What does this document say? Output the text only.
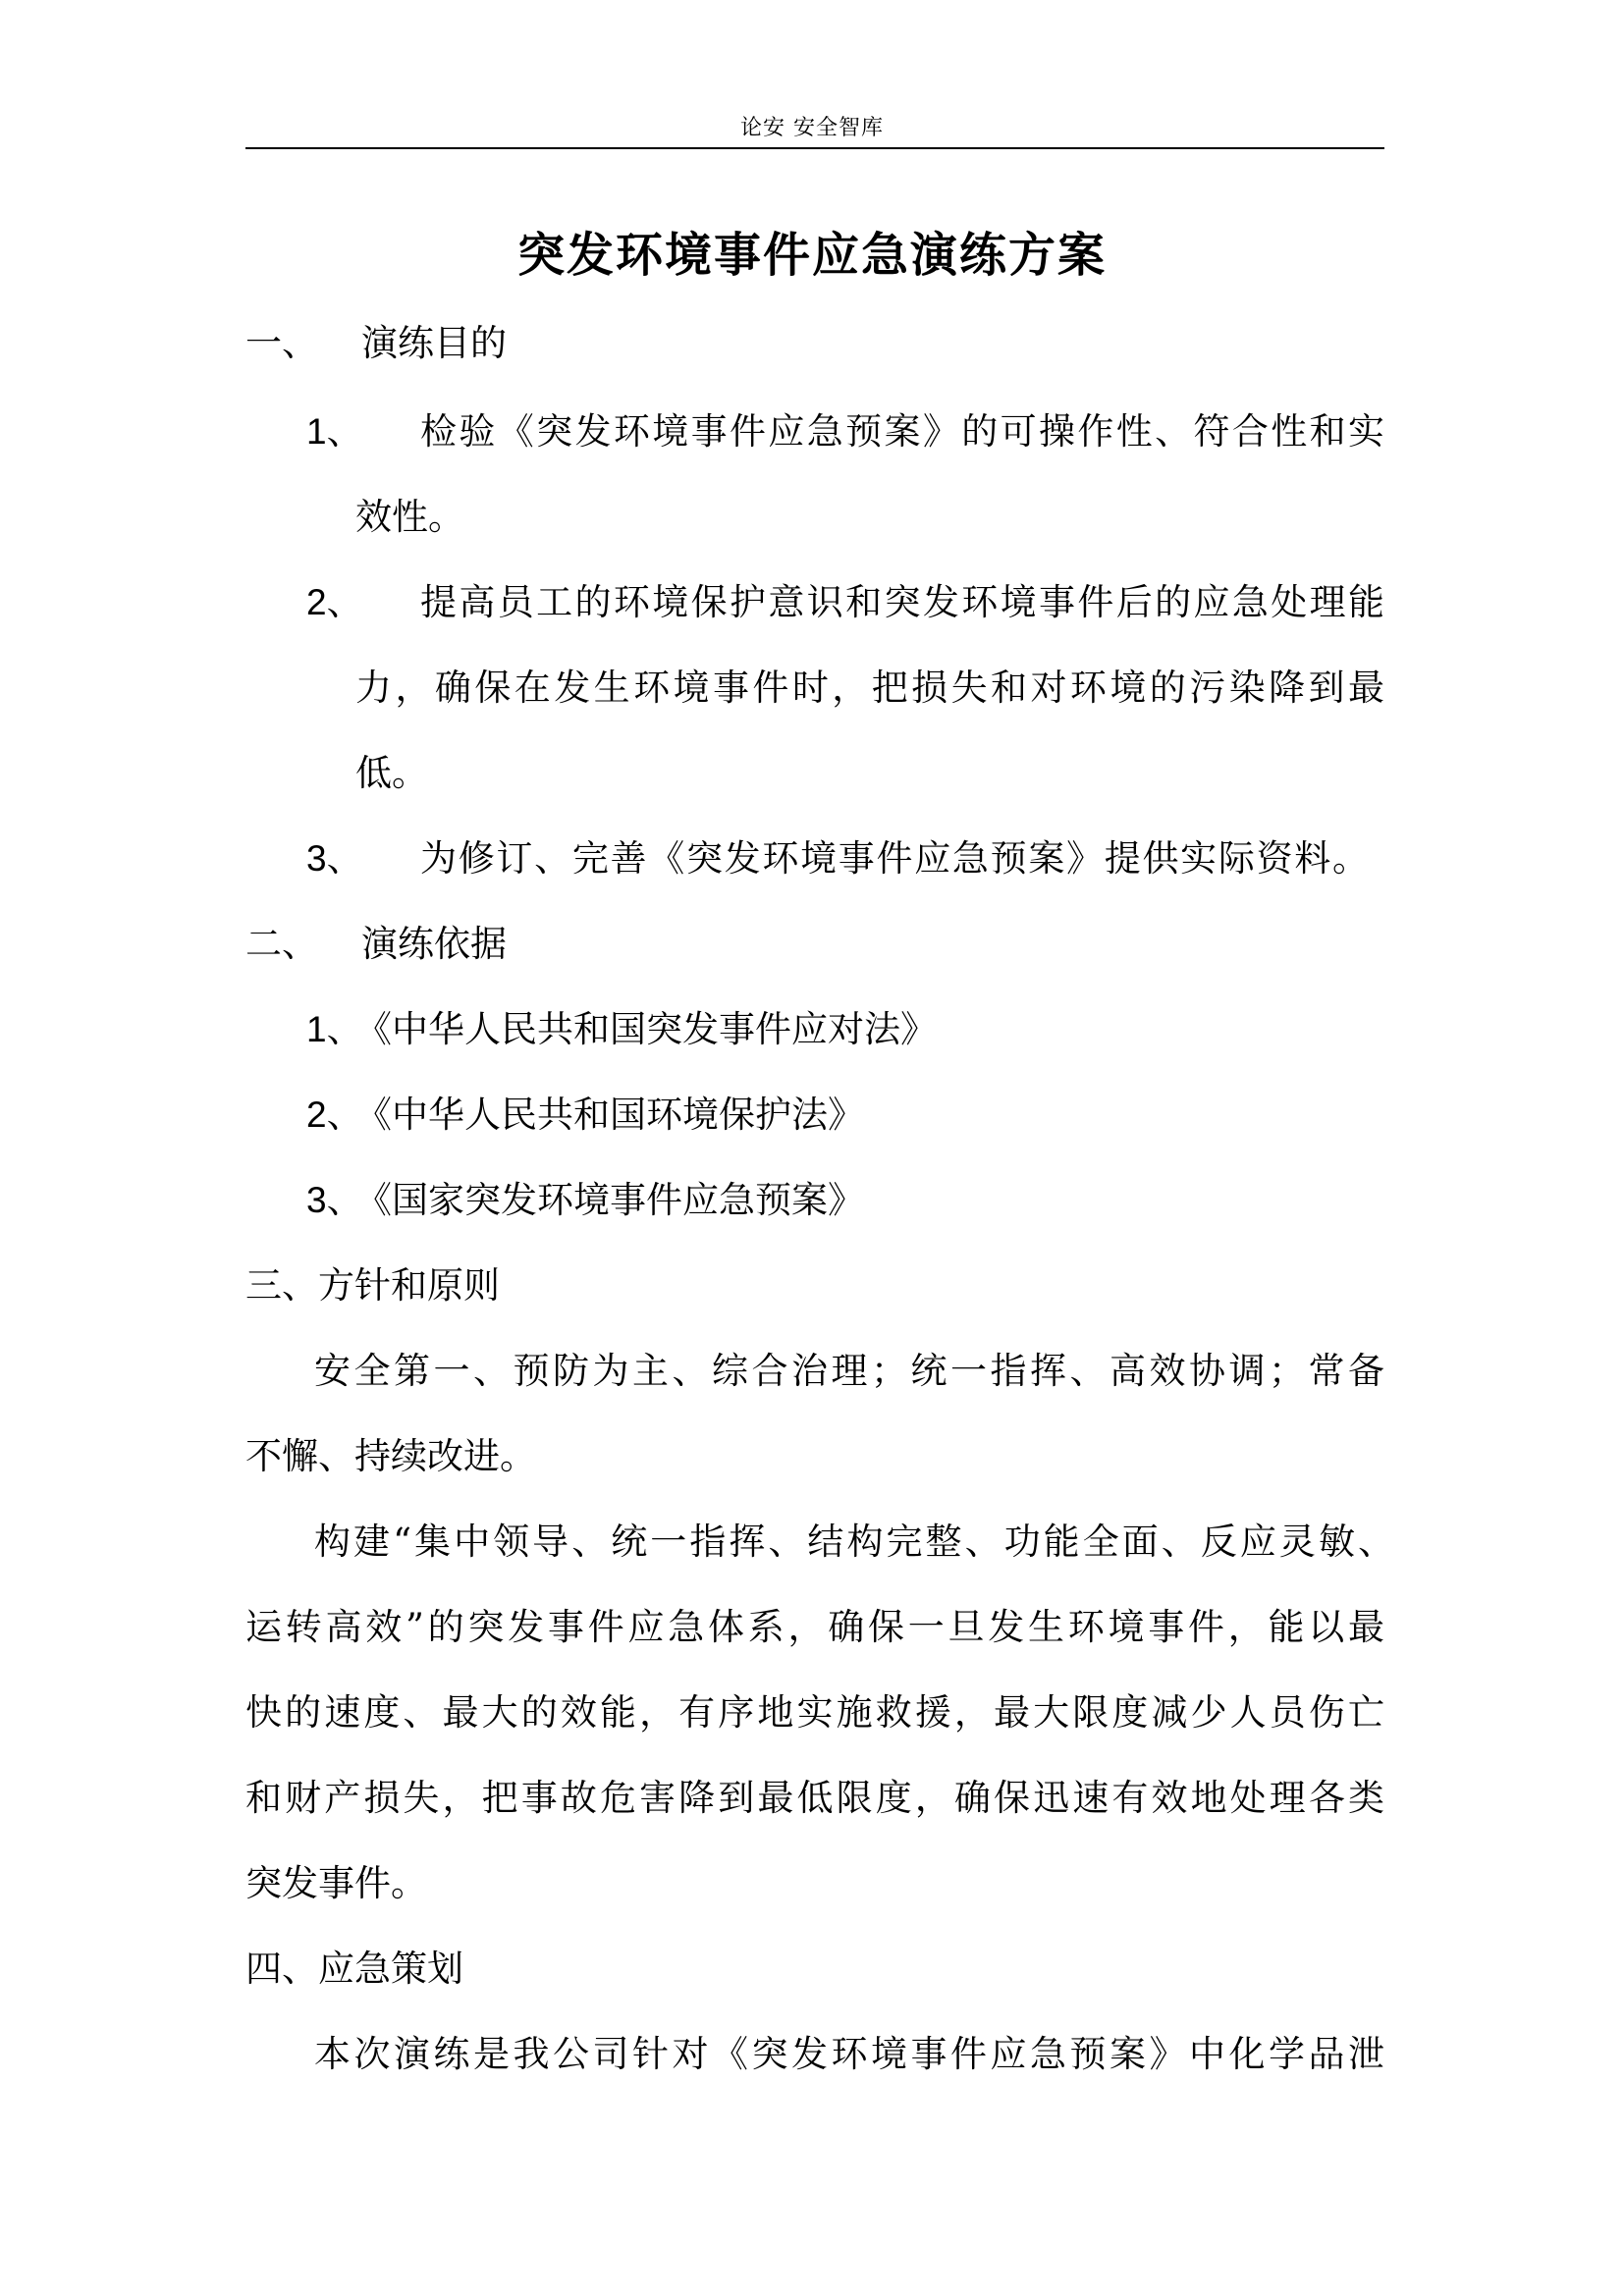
论安 安全智库
突发环境事件应急演练方案
一、 演练目的
1、 检验《突发环境事件应急预案》的可操作性、符合性和实
效性。
2、 提高员工的环境保护意识和突发环境事件后的应急处理能
力，确保在发生环境事件时，把损失和对环境的污染降到最
低。
3、 为修订、完善《突发环境事件应急预案》提供实际资料。
二、 演练依据
1、
《中华人民共和国突发事件应对法》
2、
《中华人民共和国环境保护法》
3、
《国家突发环境事件应急预案》
三、方针和原则
安全第一、预防为主、综合治理；统一指挥、高效协调；常备
不懈、持续改进。
构建“集中领导、统一指挥、结构完整、功能全面、反应灵敏、
运转高效”的突发事件应急体系，确保一旦发生环境事件，能以最
快的速度、最大的效能，有序地实施救援，最大限度减少人员伤亡
和财产损失，把事故危害降到最低限度，确保迅速有效地处理各类
突发事件。
四、应急策划
本次演练是我公司针对《突发环境事件应急预案》中化学品泄
